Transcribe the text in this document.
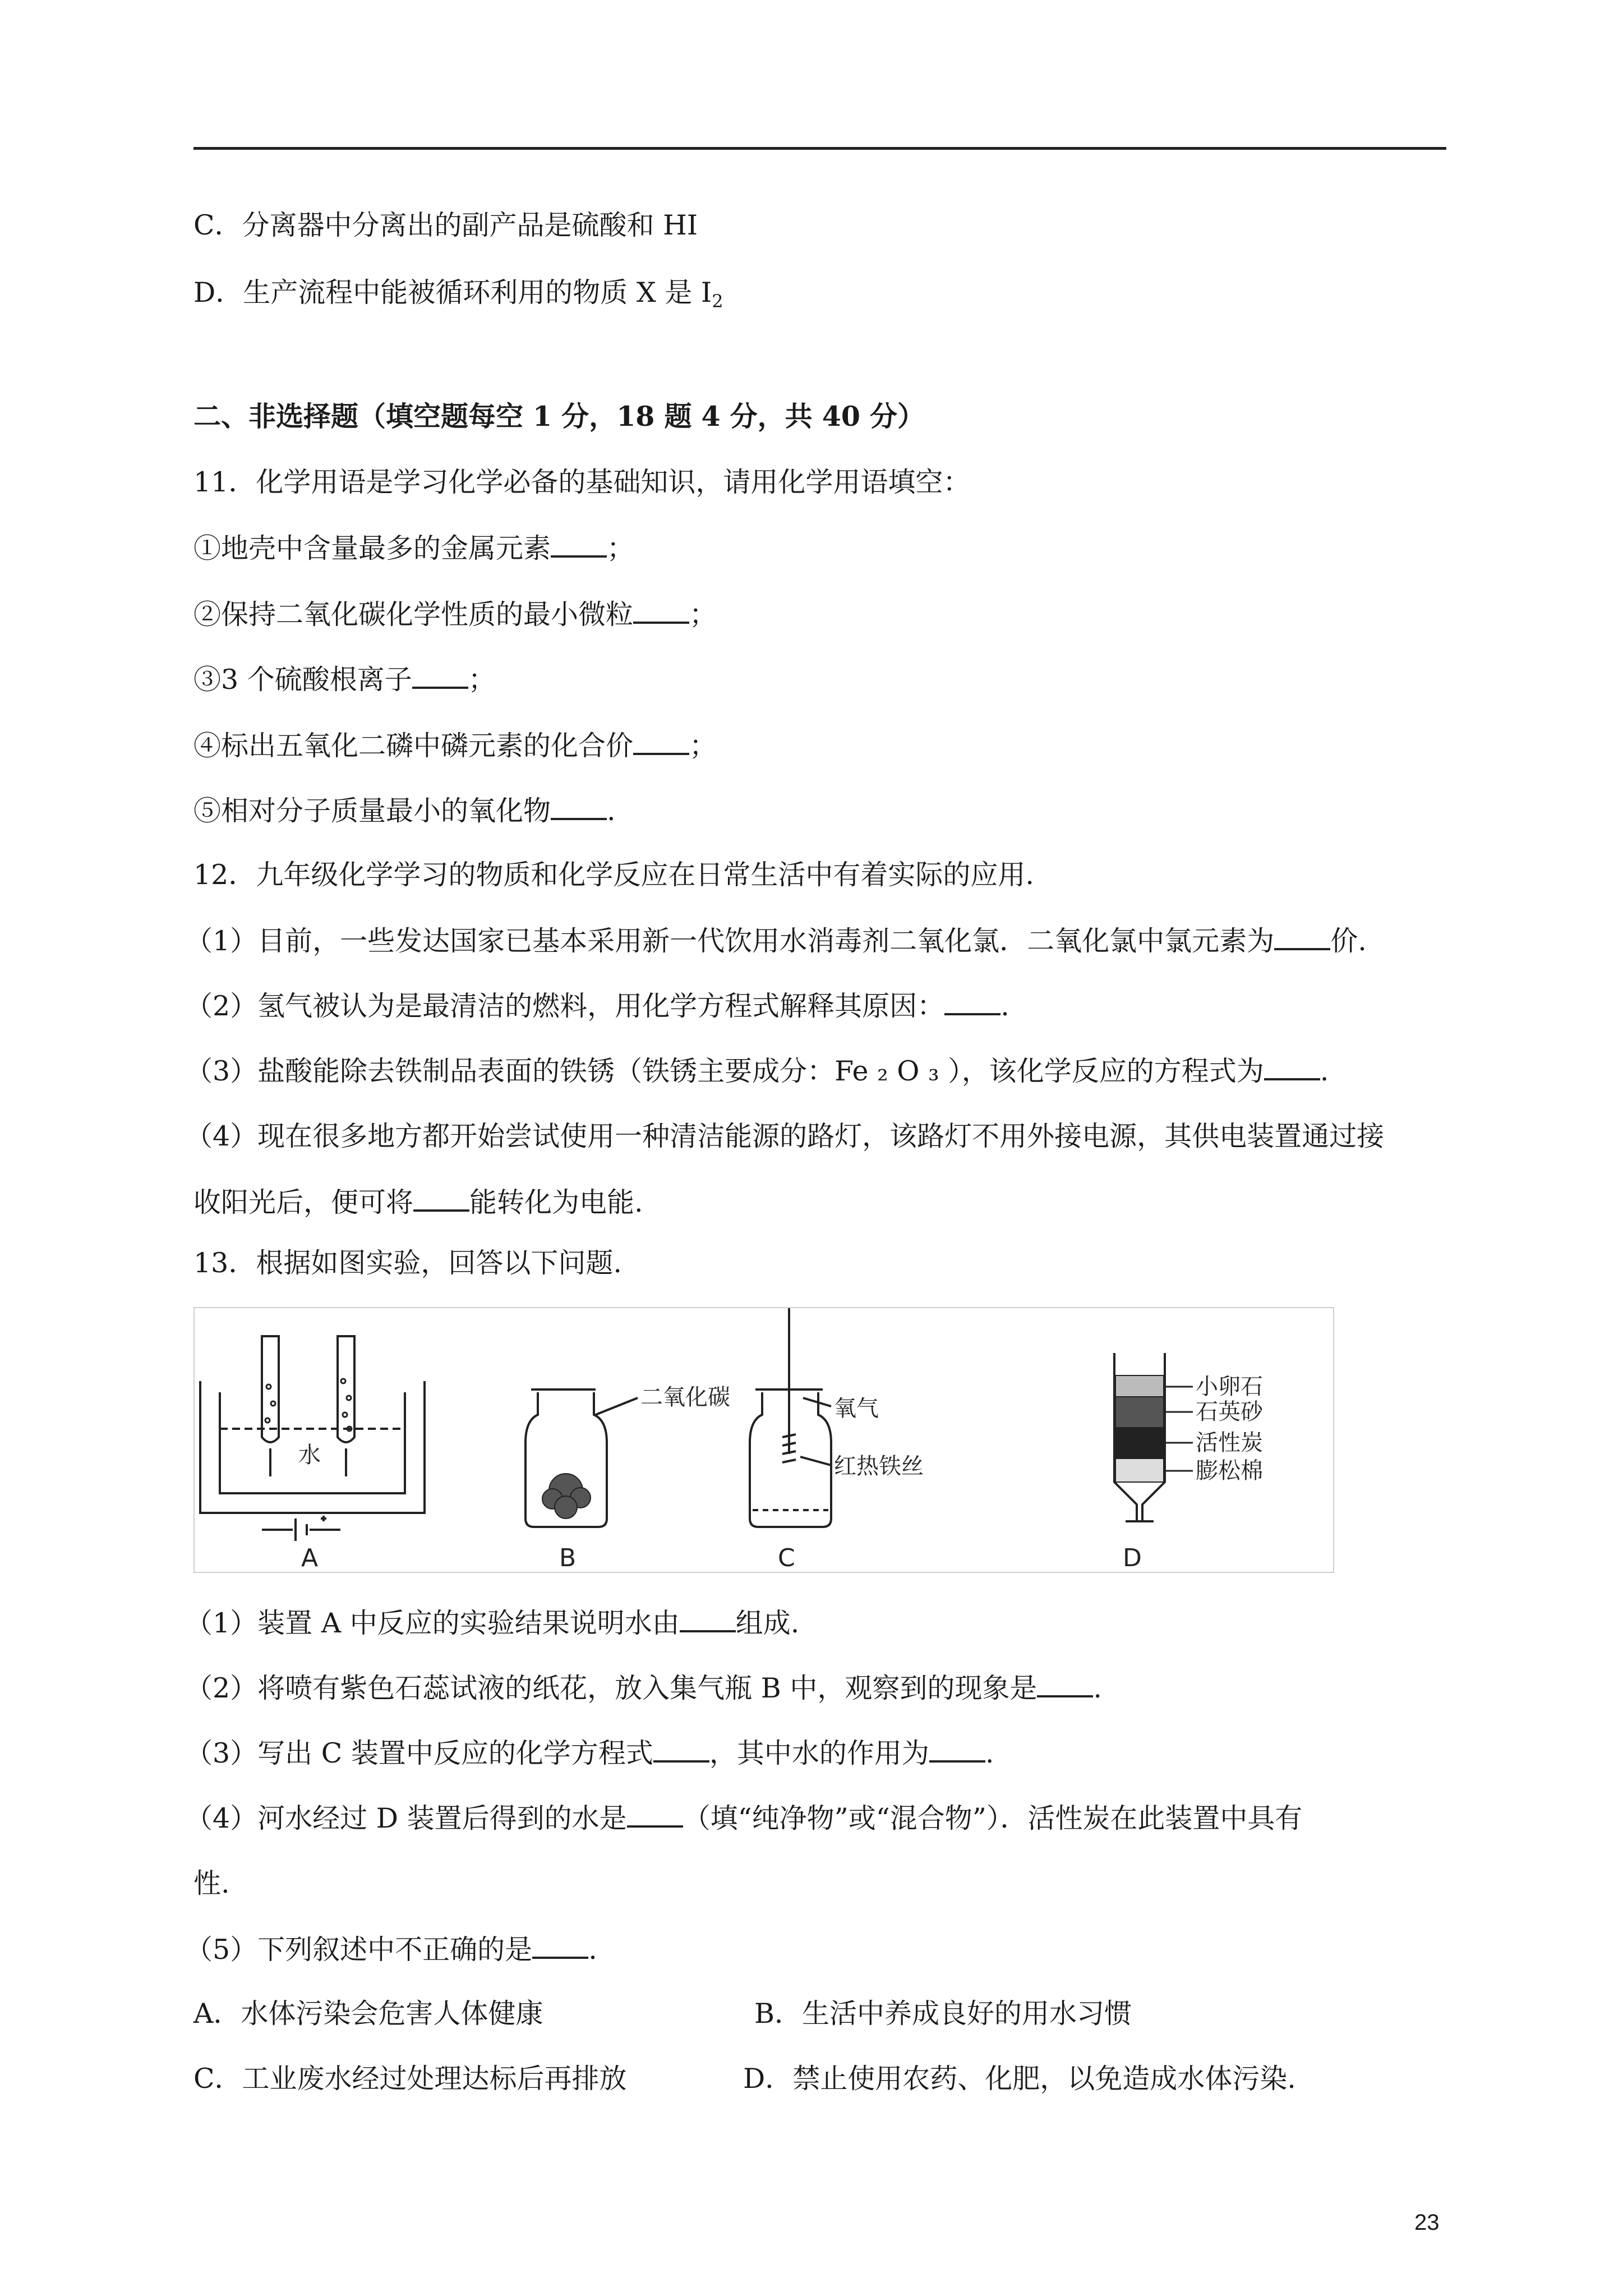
C．分离器中分离出的副产品是硫酸和 HI
D．生产流程中能被循环利用的物质 X 是 $I_2$
二、非选择题（填空题每空 1 分，18 题 4 分，共 40 分）
11．化学用语是学习化学必备的基础知识，请用化学用语填空：
①地壳中含量最多的金属元素 ；
②保持二氧化碳化学性质的最小微粒 ；
③3 个硫酸根离子 ；
④标出五氧化二磷中磷元素的化合价 ；
⑤相对分子质量最小的氧化物 .
12．九年级化学学习的物质和化学反应在日常生活中有着实际的应用.
（1）目前，一些发达国家已基本采用新一代饮用水消毒剂二氧化氯．二氧化氯中氯元素为 价.
（2）氢气被认为是最清洁的燃料，用化学方程式解释其原因： .
（3）盐酸能除去铁制品表面的铁锈（铁锈主要成分：Fe ₂ O ₃ ），该化学反应的方程式为 .
（4）现在很多地方都开始尝试使用一种清洁能源的路灯，该路灯不用外接电源，其供电装置通过接
收阳光后，便可将 能转化为电能.
13．根据如图实验，回答以下问题.
水
A
二氧化碳
B
氧气
红热铁丝
C
小卵石
石英砂
活性炭
膨松棉
D
（1）装置 A 中反应的实验结果说明水由 组成.
（2）将喷有紫色石蕊试液的纸花，放入集气瓶 B 中，观察到的现象是 .
（3）写出 C 装置中反应的化学方程式 ，其中水的作用为 .
（4）河水经过 D 装置后得到的水是 （填“纯净物”或“混合物”）．活性炭在此装置中具有
性.
（5）下列叙述中不正确的是 .
A．水体污染会危害人体健康	B．生活中养成良好的用水习惯
C．工业废水经过处理达标后再排放	D．禁止使用农药、化肥，以免造成水体污染.
23
